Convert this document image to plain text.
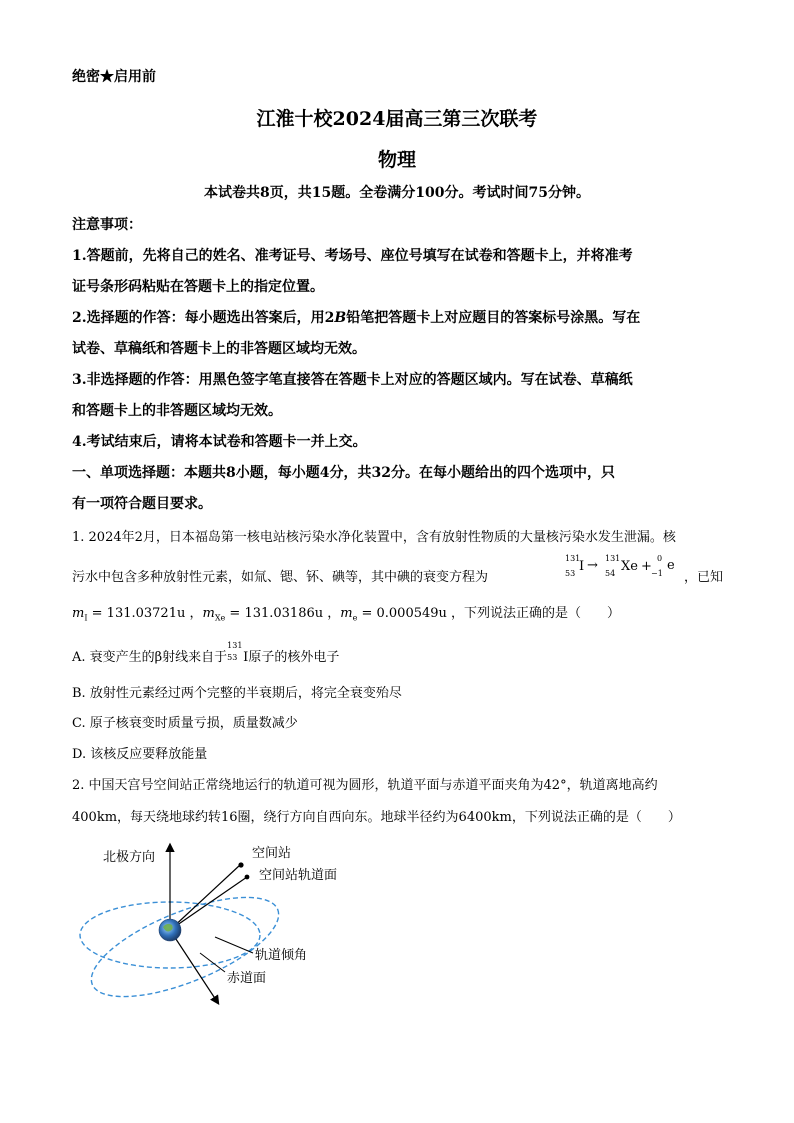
绝密★启用前
江淮十校2024届高三第三次联考
物理
本试卷共8页，共15题。全卷满分100分。考试时间75分钟。
注意事项：
1.答题前，先将自己的姓名、准考证号、考场号、座位号填写在试卷和答题卡上，并将准考
证号条形码粘贴在答题卡上的指定位置。
2.选择题的作答：每小题选出答案后，用2B铅笔把答题卡上对应题目的答案标号涂黑。写在
试卷、草稿纸和答题卡上的非答题区域均无效。
3.非选择题的作答：用黑色签字笔直接答在答题卡上对应的答题区域内。写在试卷、草稿纸
和答题卡上的非答题区域均无效。
4.考试结束后，请将本试卷和答题卡一并上交。
一、单项选择题：本题共8小题，每小题4分，共32分。在每小题给出的四个选项中，只
有一项符合题目要求。
1. 2024年2月，日本福岛第一核电站核污染水净化装置中，含有放射性物质的大量核污染水发生泄漏。核
污水中包含多种放射性元素，如氚、锶、钚、碘等，其中碘的衰变方程为
131
53 I → 131
54 Xe +
0
−1
e
，已知
$m_I = 131.03721u$ ，$m_{Xe} = 131.03186u$ ，$m_e = 0.000549u$ ，下列说法正确的是（　　）
A. 衰变产生的β射线来自于
131
53 I原子的核外电子
B. 放射性元素经过两个完整的半衰期后，将完全衰变殆尽
C. 原子核衰变时质量亏损，质量数减少
D. 该核反应要释放能量
2. 中国天宫号空间站正常绕地运行的轨道可视为圆形，轨道平面与赤道平面夹角为42°，轨道离地高约
400km，每天绕地球约转16圈，绕行方向自西向东。地球半径约为6400km，下列说法正确的是（　　）
北极方向	空间站
空间站轨道面
轨道倾角
赤道面
